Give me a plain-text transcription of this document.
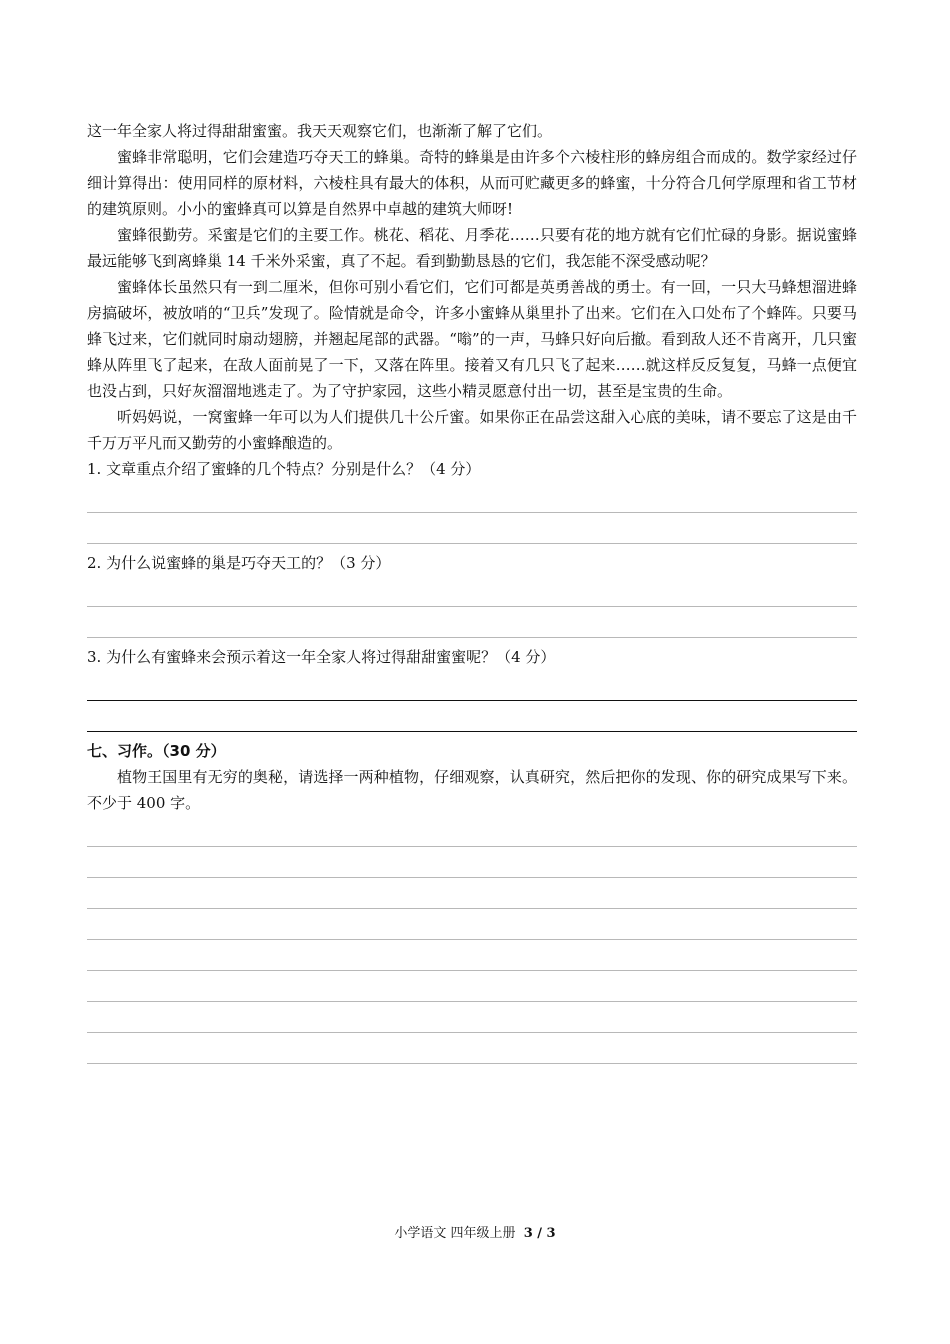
这一年全家人将过得甜甜蜜蜜。我天天观察它们，也渐渐了解了它们。

蜜蜂非常聪明，它们会建造巧夺天工的蜂巢。奇特的蜂巢是由许多个六棱柱形的蜂房组合而成的。数学家经过仔细计算得出：使用同样的原材料，六棱柱具有最大的体积，从而可贮藏更多的蜂蜜，十分符合几何学原理和省工节材的建筑原则。小小的蜜蜂真可以算是自然界中卓越的建筑大师呀!

蜜蜂很勤劳。采蜜是它们的主要工作。桃花、稻花、月季花……只要有花的地方就有它们忙碌的身影。据说蜜蜂最远能够飞到离蜂巢 14 千米外采蜜，真了不起。看到勤勤恳恳的它们，我怎能不深受感动呢？

蜜蜂体长虽然只有一到二厘米，但你可别小看它们，它们可都是英勇善战的勇士。有一回，一只大马蜂想溜进蜂房搞破坏，被放哨的“卫兵”发现了。险情就是命令，许多小蜜蜂从巢里扑了出来。它们在入口处布了个蜂阵。只要马蜂飞过来，它们就同时扇动翅膀，并翘起尾部的武器。“嗡”的一声，马蜂只好向后撤。看到敌人还不肯离开，几只蜜蜂从阵里飞了起来，在敌人面前晃了一下，又落在阵里。接着又有几只飞了起来……就这样反反复复，马蜂一点便宜也没占到，只好灰溜溜地逃走了。为了守护家园，这些小精灵愿意付出一切，甚至是宝贵的生命。

听妈妈说，一窝蜜蜂一年可以为人们提供几十公斤蜜。如果你正在品尝这甜入心底的美味，请不要忘了这是由千千万万平凡而又勤劳的小蜜蜂酿造的。

1. 文章重点介绍了蜜蜂的几个特点？分别是什么？（4 分）
2. 为什么说蜜蜂的巢是巧夺天工的？（3 分）
3. 为什么有蜜蜂来会预示着这一年全家人将过得甜甜蜜蜜呢？（4 分）
七、习作。（30 分）

植物王国里有无穷的奥秘，请选择一两种植物，仔细观察，认真研究，然后把你的发现、你的研究成果写下来。不少于 400 字。

小学语文 四年级上册 3 / 3
